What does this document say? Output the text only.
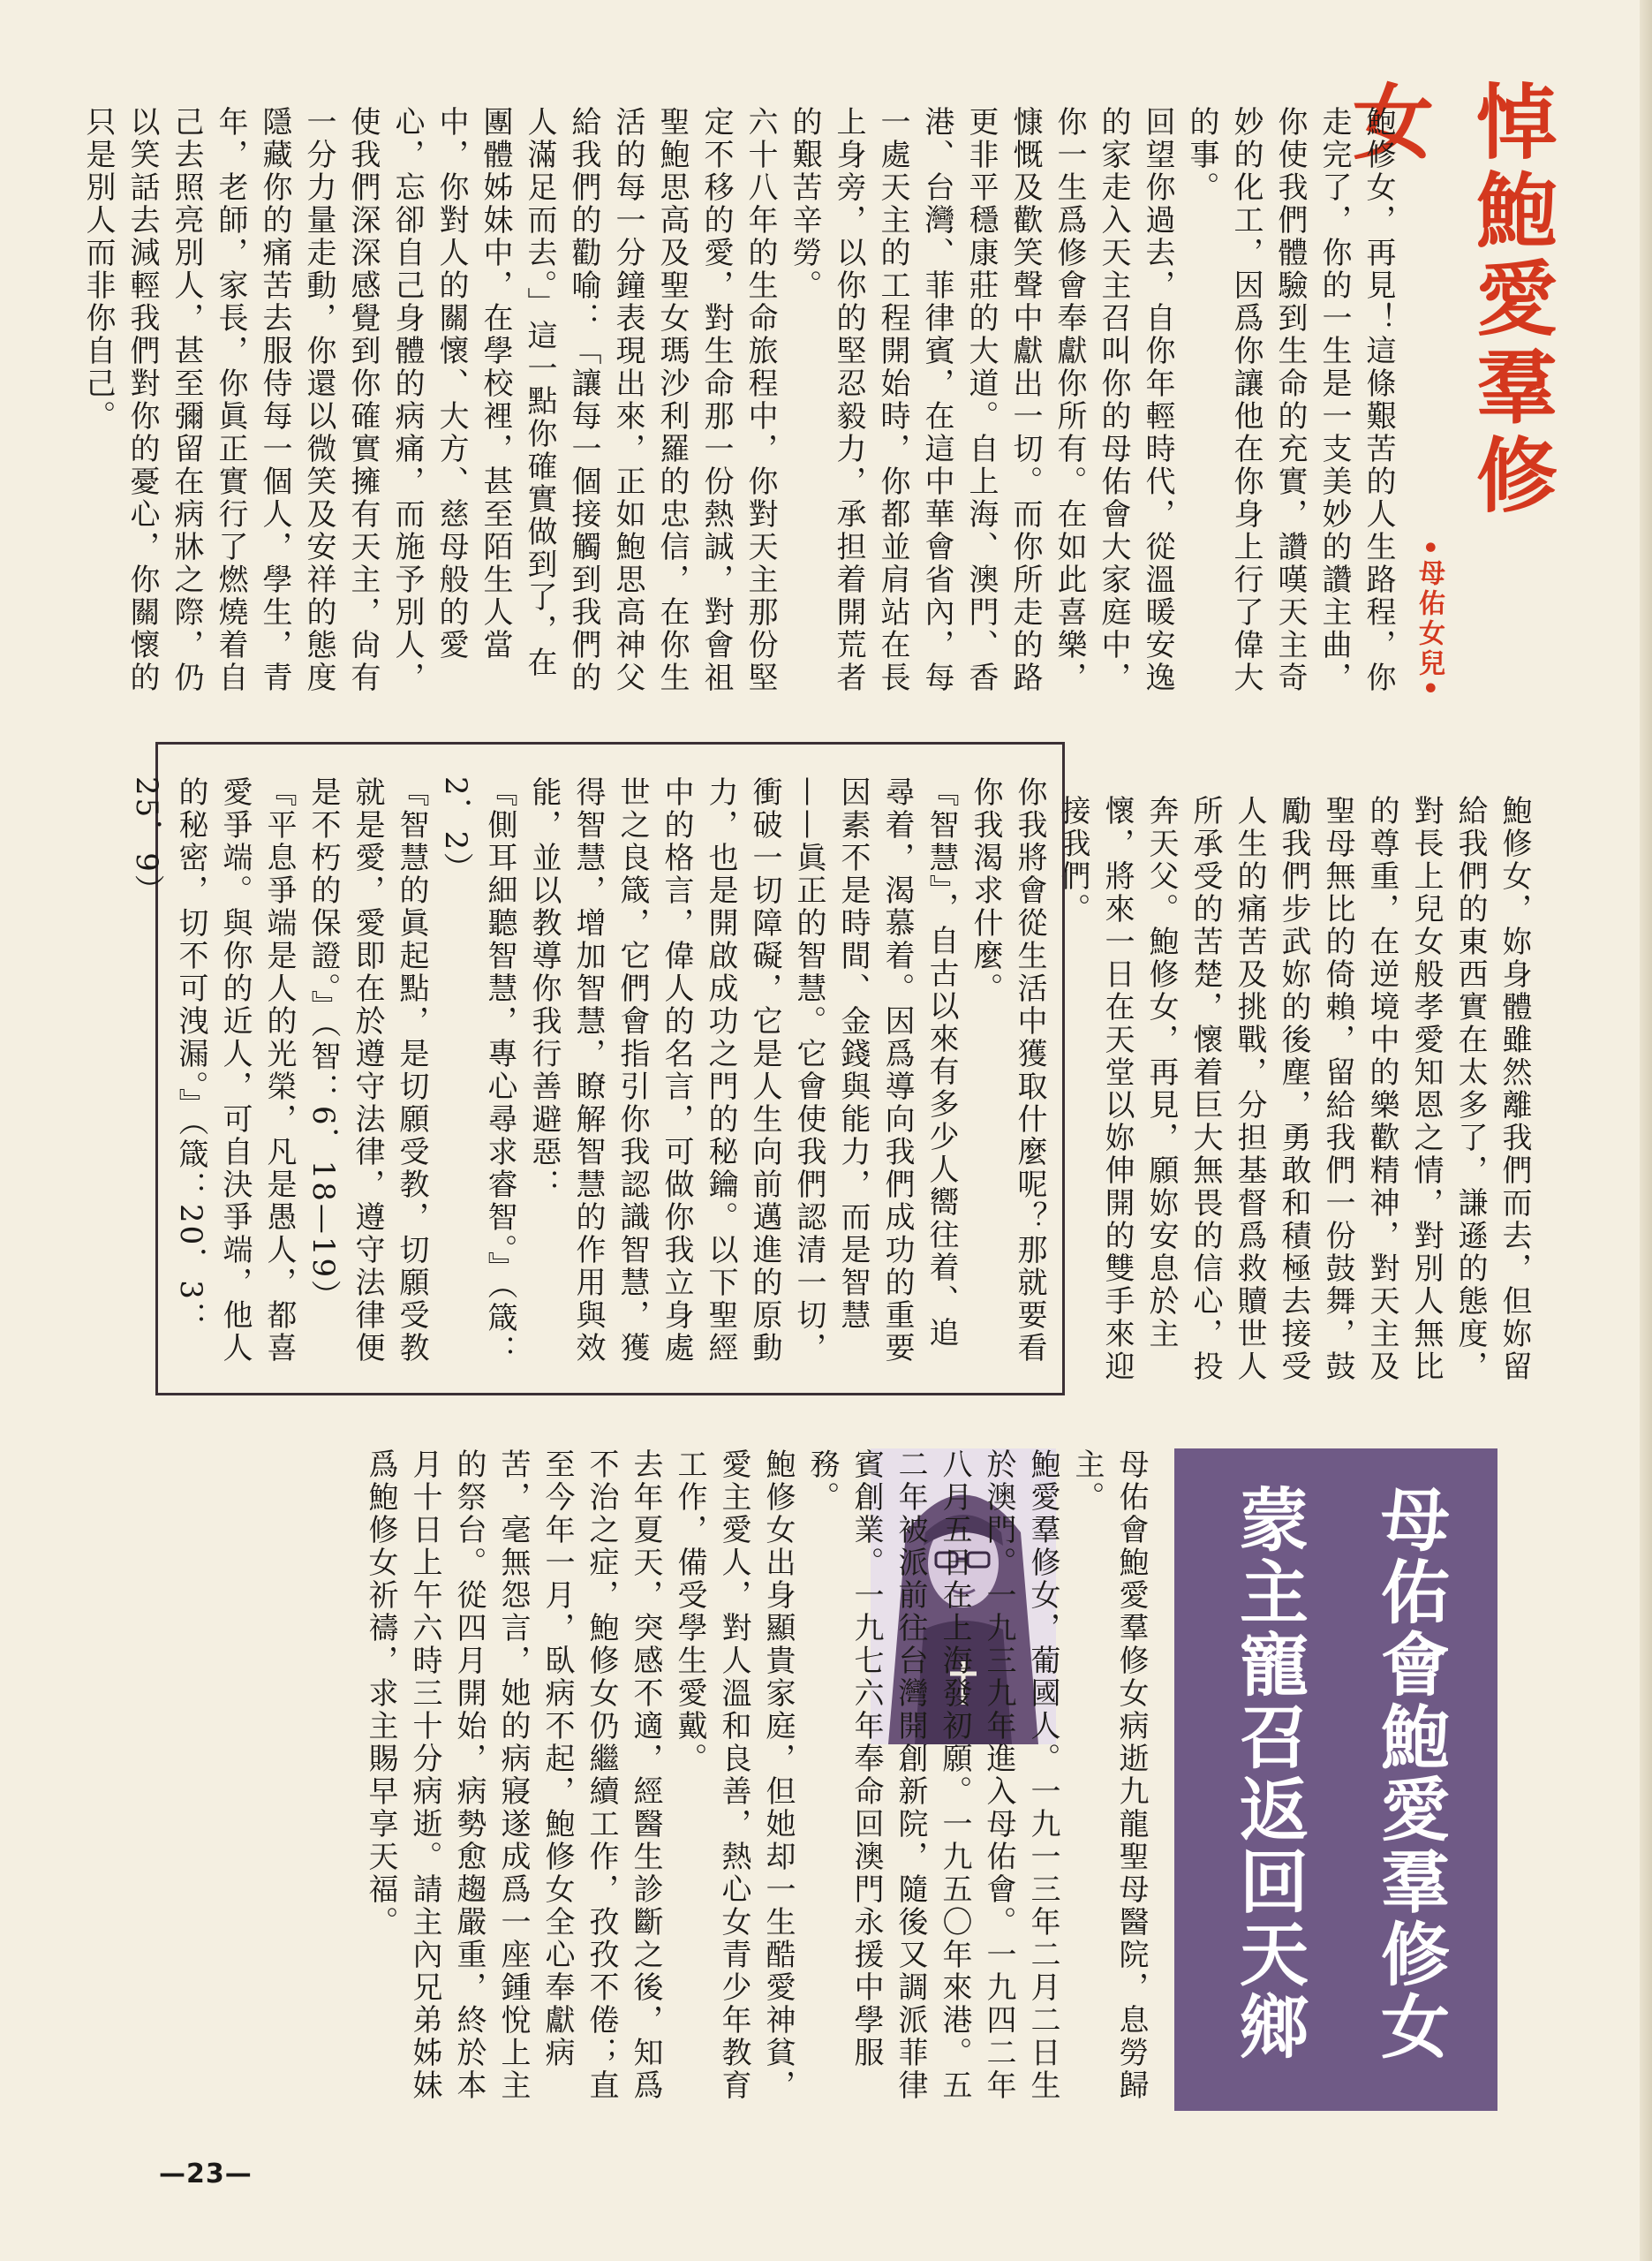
悼鮑愛羣修女
•母佑女兒•
鮑修女，再見！這條艱苦的人生路程，你走完了，你的一生是一支美妙的讚主曲，你使我們體驗到生命的充實，讚嘆天主奇妙的化工，因爲你讓他在你身上行了偉大的事。
回望你過去，自你年輕時代，從溫暖安逸的家走入天主召叫你的母佑會大家庭中，你一生爲修會奉獻你所有。在如此喜樂，慷慨及歡笑聲中獻出一切。而你所走的路更非平穩康莊的大道。自上海、澳門、香港、台灣、菲律賓，在這中華會省內，每一處天主的工程開始時，你都並肩站在長上身旁，以你的堅忍毅力，承担着開荒者的艱苦辛勞。
六十八年的生命旅程中，你對天主那份堅定不移的愛，對生命那一份熱誠，對會祖聖鮑思高及聖女瑪沙利羅的忠信，在你生活的每一分鐘表現出來，正如鮑思高神父給我們的勸喻：「讓每一個接觸到我們的人滿足而去。」這一點你確實做到了，在團體姊妹中，在學校裡，甚至陌生人當中，你對人的關懷、大方、慈母般的愛心，忘卻自己身體的病痛，而施予別人，使我們深深感覺到你確實擁有天主，尙有一分力量走動，你還以微笑及安祥的態度隱藏你的痛苦去服侍每一個人，學生，青年，老師，家長，你眞正實行了燃燒着自己去照亮別人，甚至彌留在病牀之際，仍以笑話去減輕我們對你的憂心，你關懷的只是別人而非你自己。
鮑修女，妳身體雖然離我們而去，但妳留給我們的東西實在太多了，謙遜的態度，對長上兒女般孝愛知恩之情，對別人無比的尊重，在逆境中的樂歡精神，對天主及聖母無比的倚賴，留給我們一份鼓舞，鼓勵我們步武妳的後塵，勇敢和積極去接受人生的痛苦及挑戰，分担基督爲救贖世人所承受的苦楚，懷着巨大無畏的信心，投奔天父。鮑修女，再見，願妳安息於主懷，將來一日在天堂以妳伸開的雙手來迎接我們。
你我將會從生活中獲取什麼呢？那就要看你我渴求什麼。
『智慧』，自古以來有多少人嚮往着、追尋着，渴慕着。因爲導向我們成功的重要因素不是時間、金錢與能力，而是智慧——眞正的智慧。它會使我們認清一切，衝破一切障礙，它是人生向前邁進的原動力，也是開啟成功之門的秘鑰。以下聖經中的格言，偉人的名言，可做你我立身處世之良箴，它們會指引你我認識智慧，獲得智慧，增加智慧，瞭解智慧的作用與效能，並以教導你我行善避惡：
『側耳細聽智慧，專心尋求睿智。』（箴：2．2）
『智慧的眞起點，是切願受教，切願受教就是愛，愛即在於遵守法律，遵守法律便是不朽的保證。』（智：6．18—19）
『平息爭端是人的光榮，凡是愚人，都喜愛爭端。與你的近人，可自決爭端，他人的秘密，切不可洩漏。』（箴：20．3：25．9）
母佑會鮑愛羣修女
蒙主寵召返回天鄉
母佑會鮑愛羣修女病逝九龍聖母醫院，息勞歸主。
鮑愛羣修女，葡國人。一九一三年二月二日生於澳門。一九三九年進入母佑會。一九四二年八月五日在上海發初願。一九五〇年來港。五二年被派前往台灣開創新院，隨後又調派菲律賓創業。一九七六年奉命回澳門永援中學服務。
鮑修女出身顯貴家庭，但她却一生酷愛神貧，愛主愛人，對人溫和良善，熱心女青少年教育工作，備受學生愛戴。
去年夏天，突感不適，經醫生診斷之後，知爲不治之症，鮑修女仍繼續工作，孜孜不倦；直至今年一月，臥病不起，鮑修女全心奉獻病苦，毫無怨言，她的病寢遂成爲一座鍾悅上主的祭台。從四月開始，病勢愈趨嚴重，終於本月十日上午六時三十分病逝。請主內兄弟姊妹爲鮑修女祈禱，求主賜早享天福。
—23—
